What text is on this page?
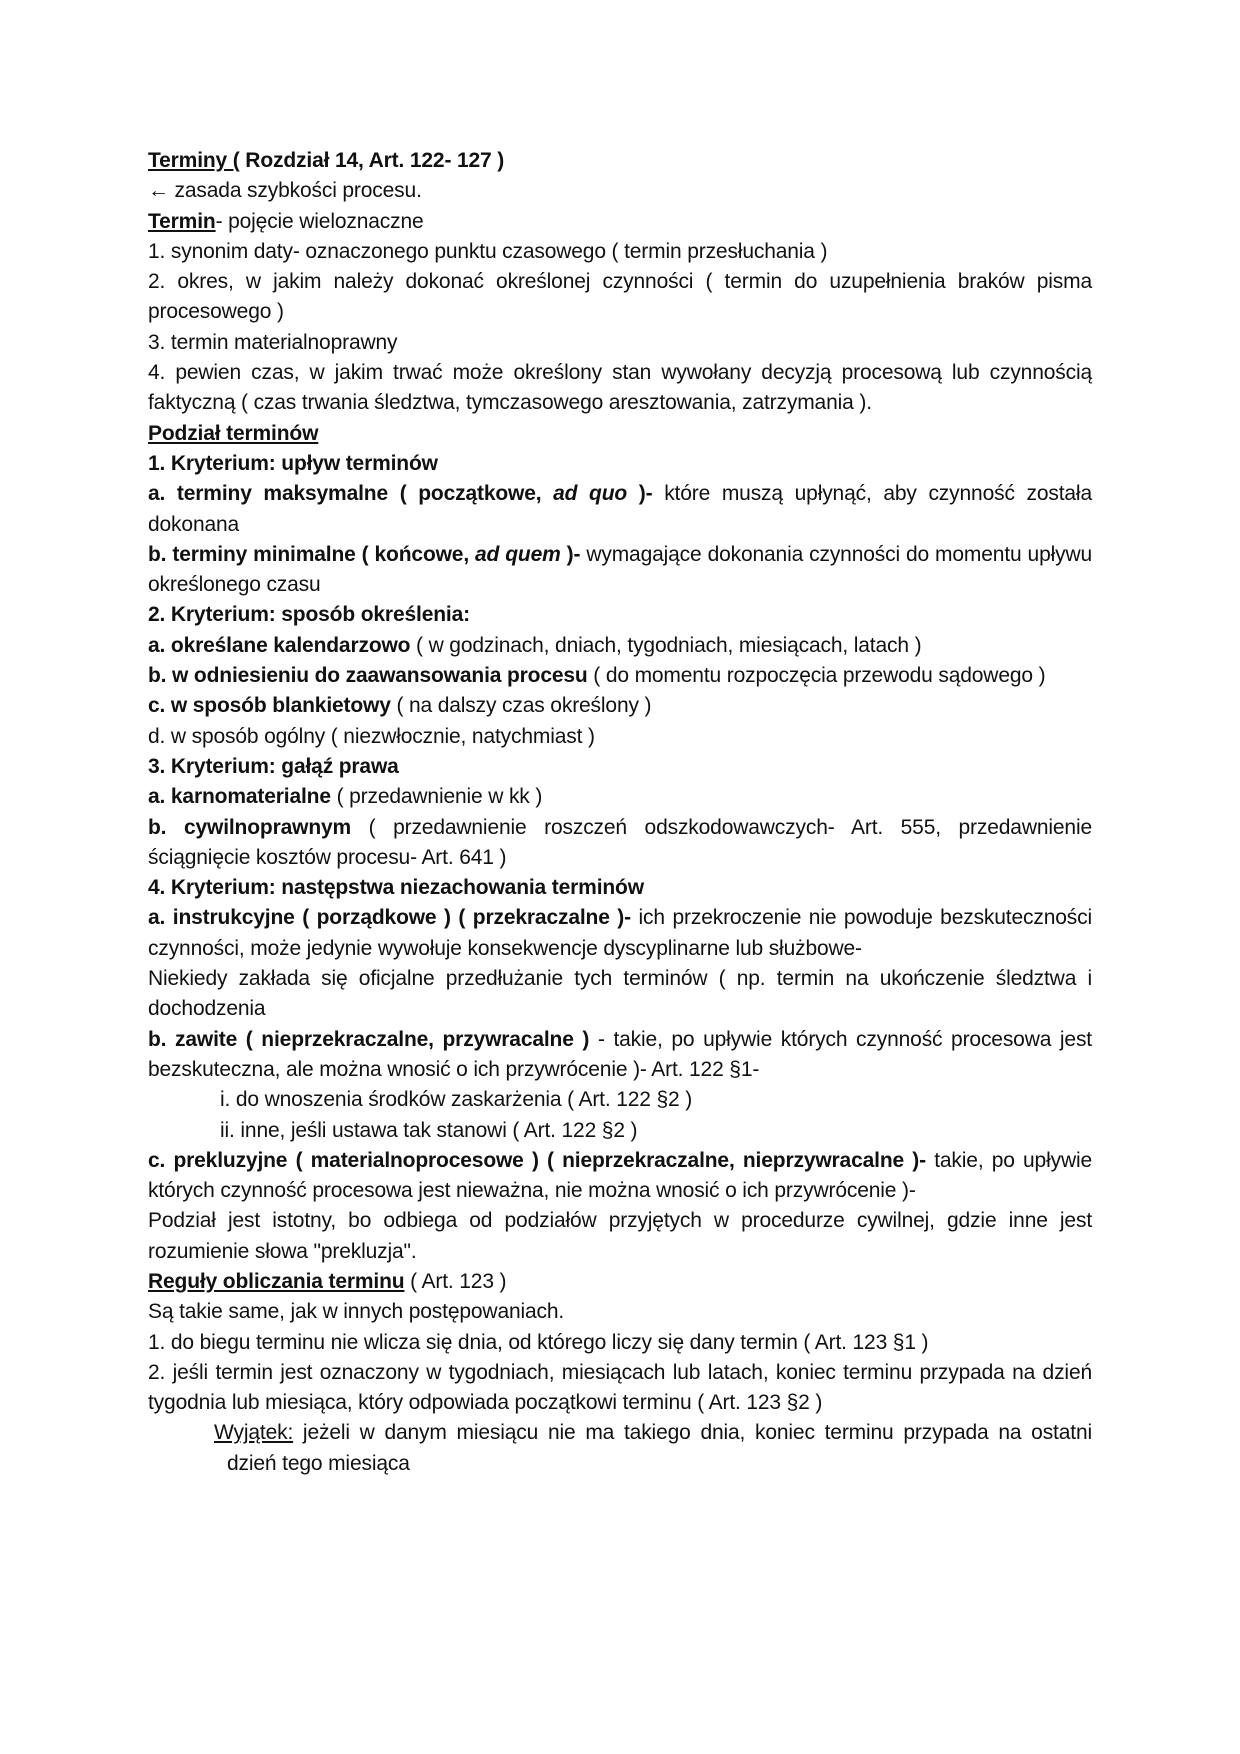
Terminy ( Rozdział 14, Art. 122- 127 )

← zasada szybkości procesu.

Termin- pojęcie wieloznaczne

1. synonim daty- oznaczonego punktu czasowego ( termin przesłuchania )

2. okres, w jakim należy dokonać określonej czynności ( termin do uzupełnienia braków pisma procesowego )

3. termin materialnoprawny

4. pewien czas, w jakim trwać może określony stan wywołany decyzją procesową lub czynnością faktyczną ( czas trwania śledztwa, tymczasowego aresztowania, zatrzymania ).

Podział terminów

1. Kryterium: upływ terminów

a. terminy maksymalne ( początkowe, ad quo )- które muszą upłynąć, aby czynność została dokonana

b. terminy minimalne ( końcowe, ad quem )- wymagające dokonania czynności do momentu upływu określonego czasu

2. Kryterium: sposób określenia:

a. określane kalendarzowo ( w godzinach, dniach, tygodniach, miesiącach, latach )

b. w odniesieniu do zaawansowania procesu ( do momentu rozpoczęcia przewodu sądowego )

c. w sposób blankietowy ( na dalszy czas określony )

d. w sposób ogólny ( niezwłocznie, natychmiast )

3. Kryterium: gałąź prawa

a. karnomaterialne ( przedawnienie w kk )

b. cywilnoprawnym ( przedawnienie roszczeń odszkodowawczych- Art. 555, przedawnienie ściągnięcie kosztów procesu- Art. 641 )

4. Kryterium: następstwa niezachowania terminów

a. instrukcyjne ( porządkowe ) ( przekraczalne )- ich przekroczenie nie powoduje bezskuteczności czynności, może jedynie wywołuje konsekwencje dyscyplinarne lub służbowe-

Niekiedy zakłada się oficjalne przedłużanie tych terminów ( np. termin na ukończenie śledztwa i dochodzenia

b. zawite ( nieprzekraczalne, przywracalne ) - takie, po upływie których czynność procesowa jest bezskuteczna, ale można wnosić o ich przywrócenie )- Art. 122 §1-

i. do wnoszenia środków zaskarżenia ( Art. 122 §2 )

ii. inne, jeśli ustawa tak stanowi ( Art. 122 §2 )

c. prekluzyjne ( materialnoprocesowe ) ( nieprzekraczalne, nieprzywracalne )- takie, po upływie których czynność procesowa jest nieważna, nie można wnosić o ich przywrócenie )-

Podział jest istotny, bo odbiega od podziałów przyjętych w procedurze cywilnej, gdzie inne jest rozumienie słowa "prekluzja".

Reguły obliczania terminu ( Art. 123 )

Są takie same, jak w innych postępowaniach.

1. do biegu terminu nie wlicza się dnia, od którego liczy się dany termin ( Art. 123 §1 )

2. jeśli termin jest oznaczony w tygodniach, miesiącach lub latach, koniec terminu przypada na dzień tygodnia lub miesiąca, który odpowiada początkowi terminu ( Art. 123 §2 )

Wyjątek: jeżeli w danym miesiącu nie ma takiego dnia, koniec terminu przypada na ostatnidzień tego miesiąca
